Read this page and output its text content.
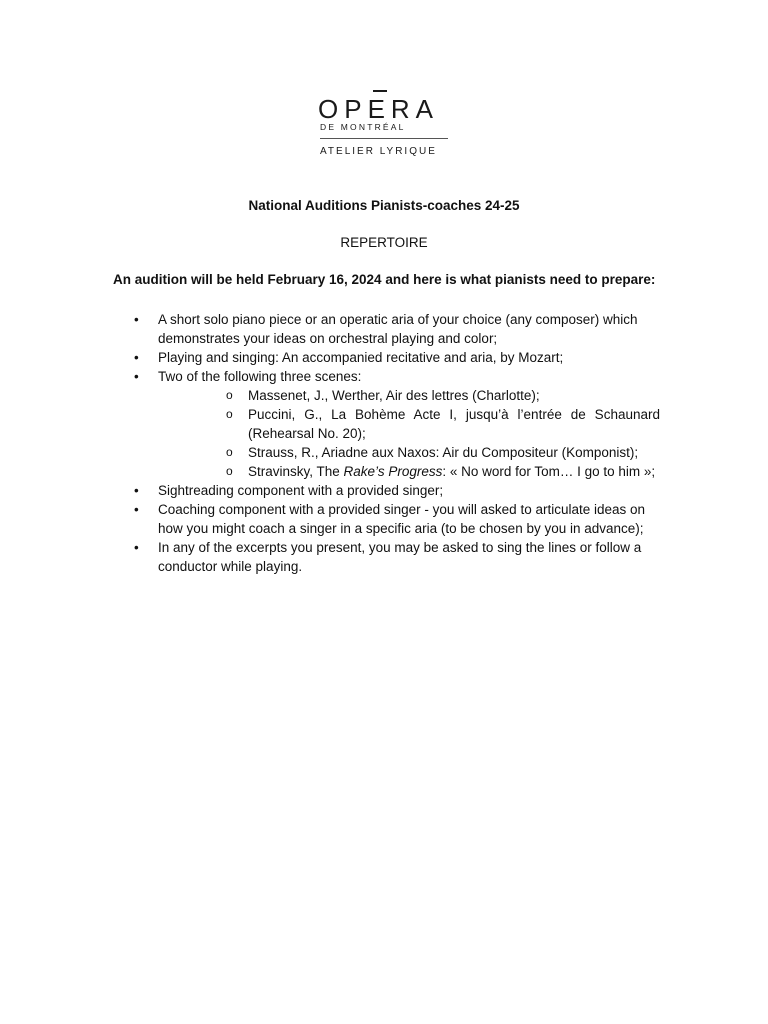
OPERA
DE MONTRÉAL
ATELIER LYRIQUE
National Auditions Pianists-coaches 24-25
REPERTOIRE
An audition will be held February 16, 2024 and here is what pianists need to prepare:
• A short solo piano piece or an operatic aria of your choice (any composer) which demonstrates your ideas on orchestral playing and color;
• Playing and singing: An accompanied recitative and aria, by Mozart;
• Two of the following three scenes:
o Massenet, J., Werther, Air des lettres (Charlotte);
o Puccini, G., La Bohème Acte I, jusqu’à l’entrée de Schaunard (Rehearsal No. 20);
o Strauss, R., Ariadne aux Naxos: Air du Compositeur (Komponist);
o Stravinsky, The Rake’s Progress: « No word for Tom… I go to him »;
• Sightreading component with a provided singer;
• Coaching component with a provided singer - you will asked to articulate ideas on how you might coach a singer in a specific aria (to be chosen by you in advance);
• In any of the excerpts you present, you may be asked to sing the lines or follow a conductor while playing.
